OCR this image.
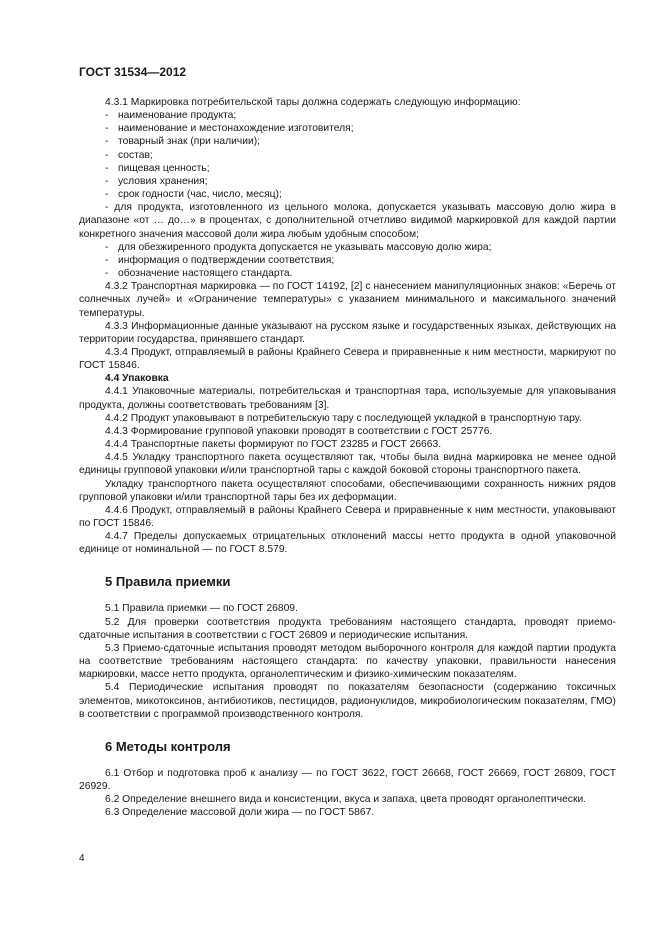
ГОСТ 31534—2012

4.3.1 Маркировка потребительской тары должна содержать следующую информацию:

- наименование продукта;

- наименование и местонахождение изготовителя;

- товарный знак (при наличии);

- состав;

- пищевая ценность;

- условия хранения;

- срок годности (час, число, месяц);

- для продукта, изготовленного из цельного молока, допускается указывать массовую долю жира в диапазоне «от … до…» в процентах, с дополнительной отчетливо видимой маркировкой для каждой партии конкретного значения массовой доли жира любым удобным способом;

- для обезжиренного продукта допускается не указывать массовую долю жира;

- информация о подтверждении соответствия;

- обозначение настоящего стандарта.

4.3.2 Транспортная маркировка — по ГОСТ 14192, [2] с нанесением манипуляционных знаков: «Беречь от солнечных лучей» и «Ограничение температуры» с указанием минимального и максимального значений температуры.

4.3.3 Информационные данные указывают на русском языке и государственных языках, действующих на территории государства, принявшего стандарт.

4.3.4 Продукт, отправляемый в районы Крайнего Севера и приравненные к ним местности, маркируют по ГОСТ 15846.

4.4 Упаковка

4.4.1 Упаковочные материалы, потребительская и транспортная тара, используемые для упаковывания продукта, должны соответствовать требованиям [3].

4.4.2 Продукт упаковывают в потребительскую тару с последующей укладкой в транспортную тару.

4.4.3 Формирование групповой упаковки проводят в соответствии с ГОСТ 25776.

4.4.4 Транспортные пакеты формируют по ГОСТ 23285 и ГОСТ 26663.

4.4.5 Укладку транспортного пакета осуществляют так, чтобы была видна маркировка не менее одной единицы групповой упаковки и/или транспортной тары с каждой боковой стороны транспортного пакета.

Укладку транспортного пакета осуществляют способами, обеспечивающими сохранность нижних рядов групповой упаковки и/или транспортной тары без их деформации.

4.4.6 Продукт, отправляемый в районы Крайнего Севера и приравненные к ним местности, упаковывают по ГОСТ 15846.

4.4.7 Пределы допускаемых отрицательных отклонений массы нетто продукта в одной упаковочной единице от номинальной — по ГОСТ 8.579.

5 Правила приемки

5.1 Правила приемки — по ГОСТ 26809.

5.2 Для проверки соответствия продукта требованиям настоящего стандарта, проводят приемо-сдаточные испытания в соответствии с ГОСТ 26809 и периодические испытания.

5.3 Приемо-сдаточные испытания проводят методом выборочного контроля для каждой партии продукта на соответствие требованиям настоящего стандарта: по качеству упаковки, правильности нанесения маркировки, массе нетто продукта, органолептическим и физико-химическим показателям.

5.4 Периодические испытания проводят по показателям безопасности (содержанию токсичных элементов, микотоксинов, антибиотиков, пестицидов, радионуклидов, микробиологическим показателям, ГМО) в соответствии с программой производственного контроля.

6 Методы контроля

6.1 Отбор и подготовка проб к анализу — по ГОСТ 3622, ГОСТ 26668, ГОСТ 26669, ГОСТ 26809, ГОСТ 26929.

6.2 Определение внешнего вида и консистенции, вкуса и запаха, цвета проводят органолептически.

6.3 Определение массовой доли жира — по ГОСТ 5867.

4
